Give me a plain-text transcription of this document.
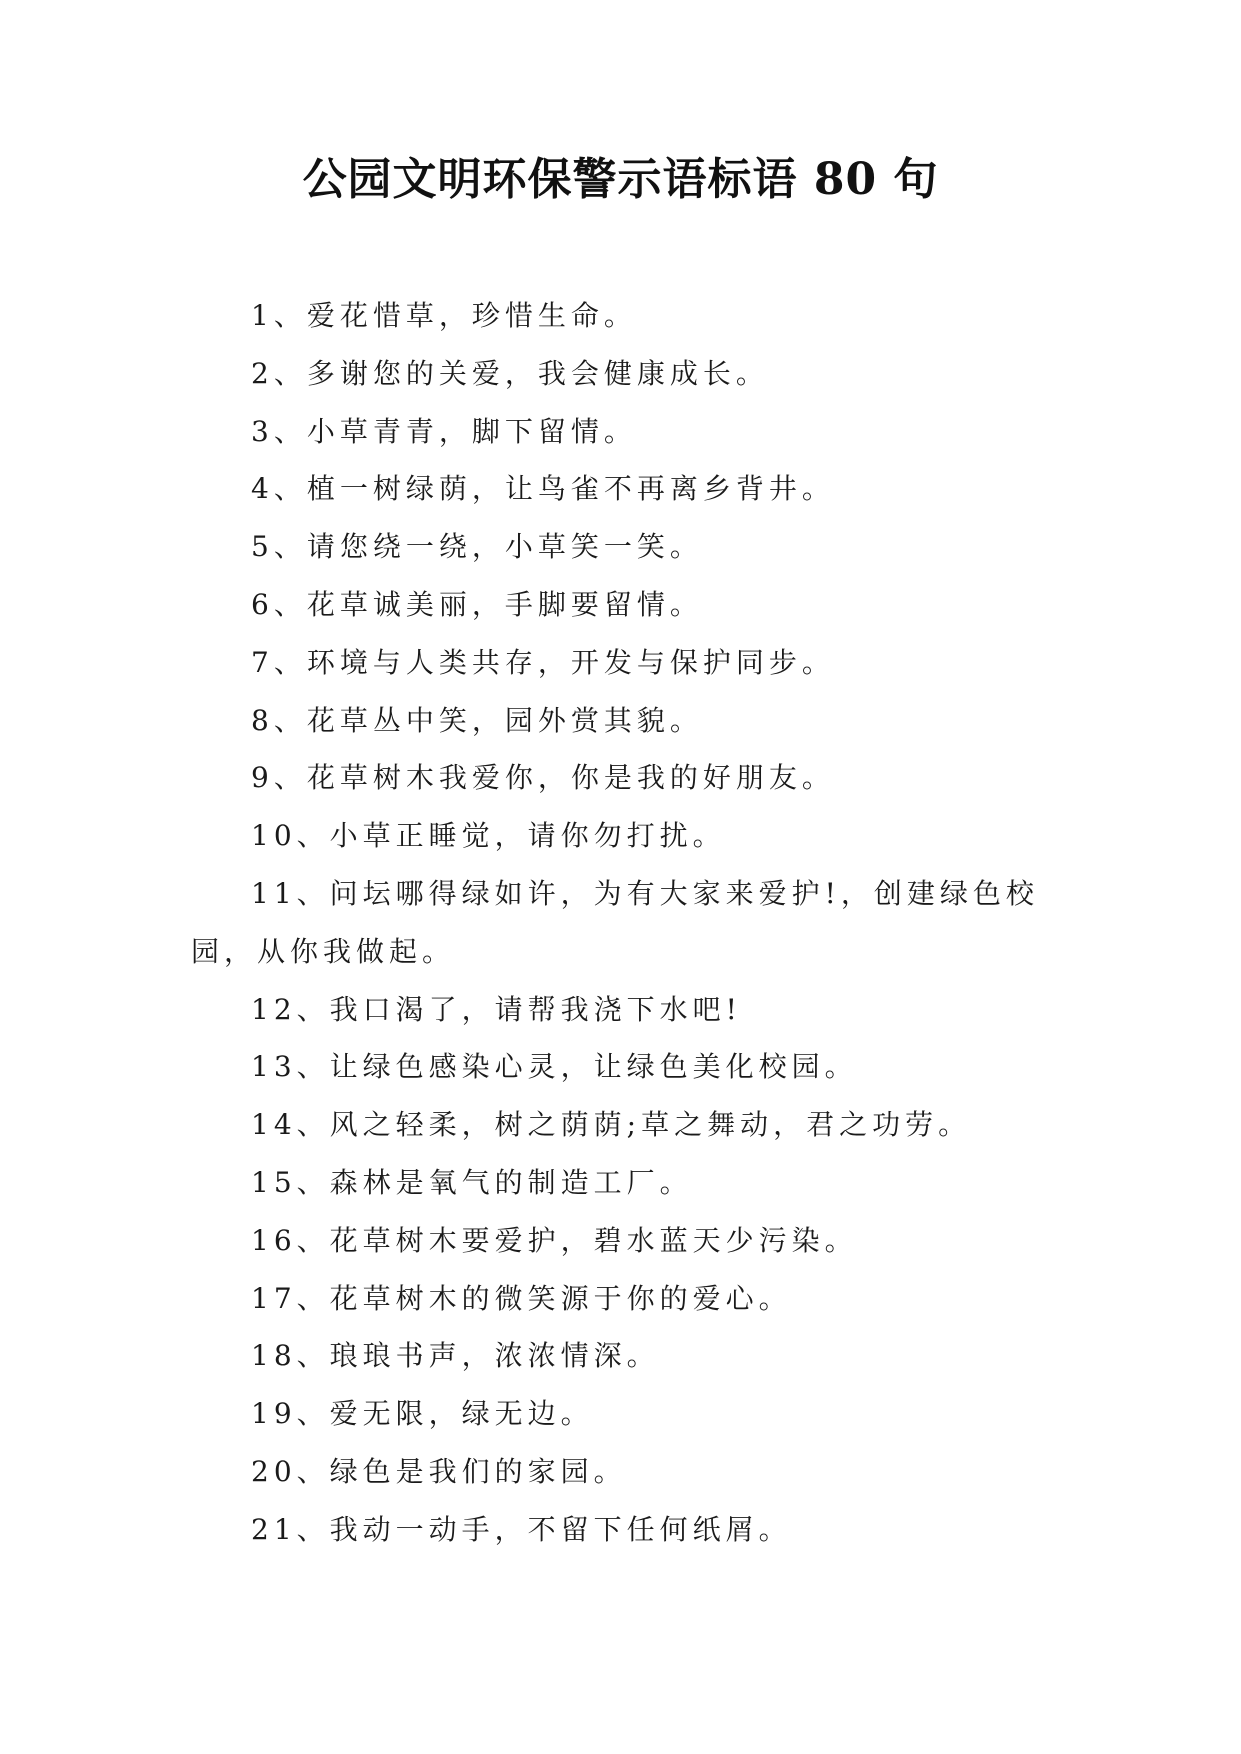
公园文明环保警示语标语 80 句

1、爱花惜草，珍惜生命。

2、多谢您的关爱，我会健康成长。

3、小草青青，脚下留情。

4、植一树绿荫，让鸟雀不再离乡背井。

5、请您绕一绕，小草笑一笑。

6、花草诚美丽，手脚要留情。

7、环境与人类共存，开发与保护同步。

8、花草丛中笑，园外赏其貌。

9、花草树木我爱你，你是我的好朋友。

10、小草正睡觉，请你勿打扰。

11、问坛哪得绿如许，为有大家来爱护!，创建绿色校园，从你我做起。

12、我口渴了，请帮我浇下水吧!

13、让绿色感染心灵，让绿色美化校园。

14、风之轻柔，树之荫荫;草之舞动，君之功劳。

15、森林是氧气的制造工厂。

16、花草树木要爱护，碧水蓝天少污染。

17、花草树木的微笑源于你的爱心。

18、琅琅书声，浓浓情深。

19、爱无限，绿无边。

20、绿色是我们的家园。

21、我动一动手，不留下任何纸屑。
